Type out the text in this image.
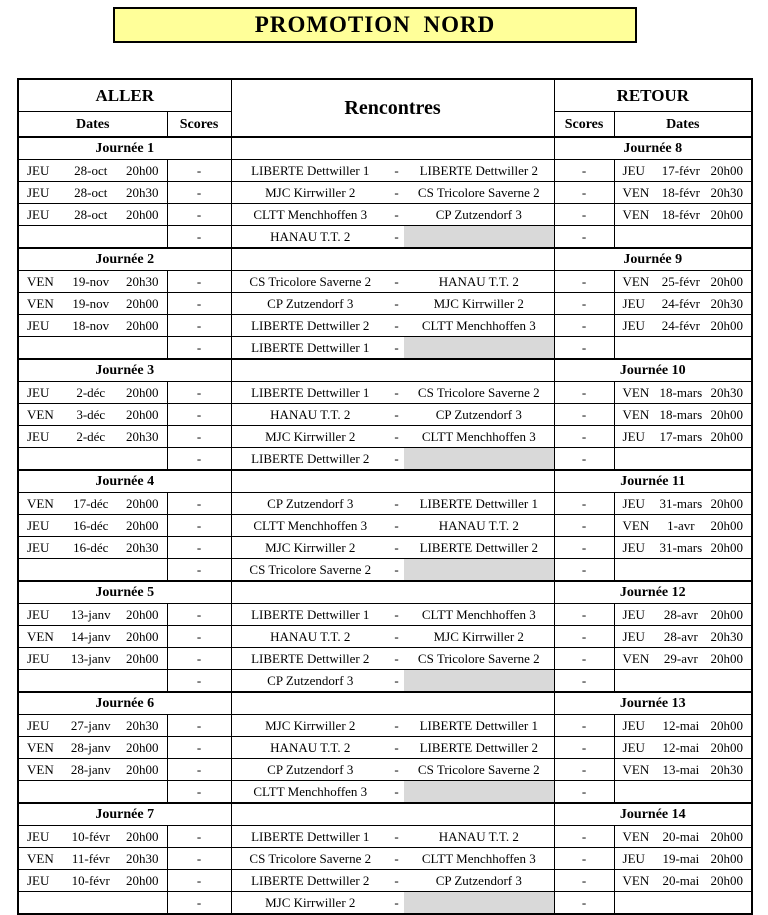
PROMOTION NORD
ALLER		Rencontres			RETOUR	
Dates	Scores				Scores	Dates
Journée 1					Journée 8	

JEU 28-oct 20h00	-	LIBERTE Dettwiller 1	-	LIBERTE Dettwiller 2	-	JEU 17-févr 20h00

JEU 28-oct 20h30	-	MJC Kirrwiller 2	-	CS Tricolore Saverne 2	-	VEN 18-févr 20h30

JEU 28-oct 20h00	-	CLTT Menchhoffen 3	-	CP Zutzendorf 3	-	VEN 18-févr 20h00

	-	HANAU T.T. 2	-		-	

Journée 2					Journée 9	

VEN 19-nov 20h30	-	CS Tricolore Saverne 2	-	HANAU T.T. 2	-	VEN 25-févr 20h00

VEN 19-nov 20h00	-	CP Zutzendorf 3	-	MJC Kirrwiller 2	-	JEU 24-févr 20h30

JEU 18-nov 20h00	-	LIBERTE Dettwiller 2	-	CLTT Menchhoffen 3	-	JEU 24-févr 20h00

	-	LIBERTE Dettwiller 1	-		-	

Journée 3					Journée 10	

JEU 2-déc 20h00	-	LIBERTE Dettwiller 1	-	CS Tricolore Saverne 2	-	VEN 18-mars 20h30

VEN 3-déc 20h00	-	HANAU T.T. 2	-	CP Zutzendorf 3	-	VEN 18-mars 20h00

JEU 2-déc 20h30	-	MJC Kirrwiller 2	-	CLTT Menchhoffen 3	-	JEU 17-mars 20h00

	-	LIBERTE Dettwiller 2	-		-	

Journée 4					Journée 11	

VEN 17-déc 20h00	-	CP Zutzendorf 3	-	LIBERTE Dettwiller 1	-	JEU 31-mars 20h00

JEU 16-déc 20h00	-	CLTT Menchhoffen 3	-	HANAU T.T. 2	-	VEN 1-avr 20h00

JEU 16-déc 20h30	-	MJC Kirrwiller 2	-	LIBERTE Dettwiller 2	-	JEU 31-mars 20h00

	-	CS Tricolore Saverne 2	-		-	

Journée 5					Journée 12	

JEU 13-janv 20h00	-	LIBERTE Dettwiller 1	-	CLTT Menchhoffen 3	-	JEU 28-avr 20h00

VEN 14-janv 20h00	-	HANAU T.T. 2	-	MJC Kirrwiller 2	-	JEU 28-avr 20h30

JEU 13-janv 20h00	-	LIBERTE Dettwiller 2	-	CS Tricolore Saverne 2	-	VEN 29-avr 20h00

	-	CP Zutzendorf 3	-		-	

Journée 6					Journée 13	

JEU 27-janv 20h30	-	MJC Kirrwiller 2	-	LIBERTE Dettwiller 1	-	JEU 12-mai 20h00

VEN 28-janv 20h00	-	HANAU T.T. 2	-	LIBERTE Dettwiller 2	-	JEU 12-mai 20h00

VEN 28-janv 20h00	-	CP Zutzendorf 3	-	CS Tricolore Saverne 2	-	VEN 13-mai 20h30

	-	CLTT Menchhoffen 3	-		-	

Journée 7					Journée 14	

JEU 10-févr 20h00	-	LIBERTE Dettwiller 1	-	HANAU T.T. 2	-	VEN 20-mai 20h00

VEN 11-févr 20h30	-	CS Tricolore Saverne 2	-	CLTT Menchhoffen 3	-	JEU 19-mai 20h00

JEU 10-févr 20h00	-	LIBERTE Dettwiller 2	-	CP Zutzendorf 3	-	VEN 20-mai 20h00

	-	MJC Kirrwiller 2	-		-	
